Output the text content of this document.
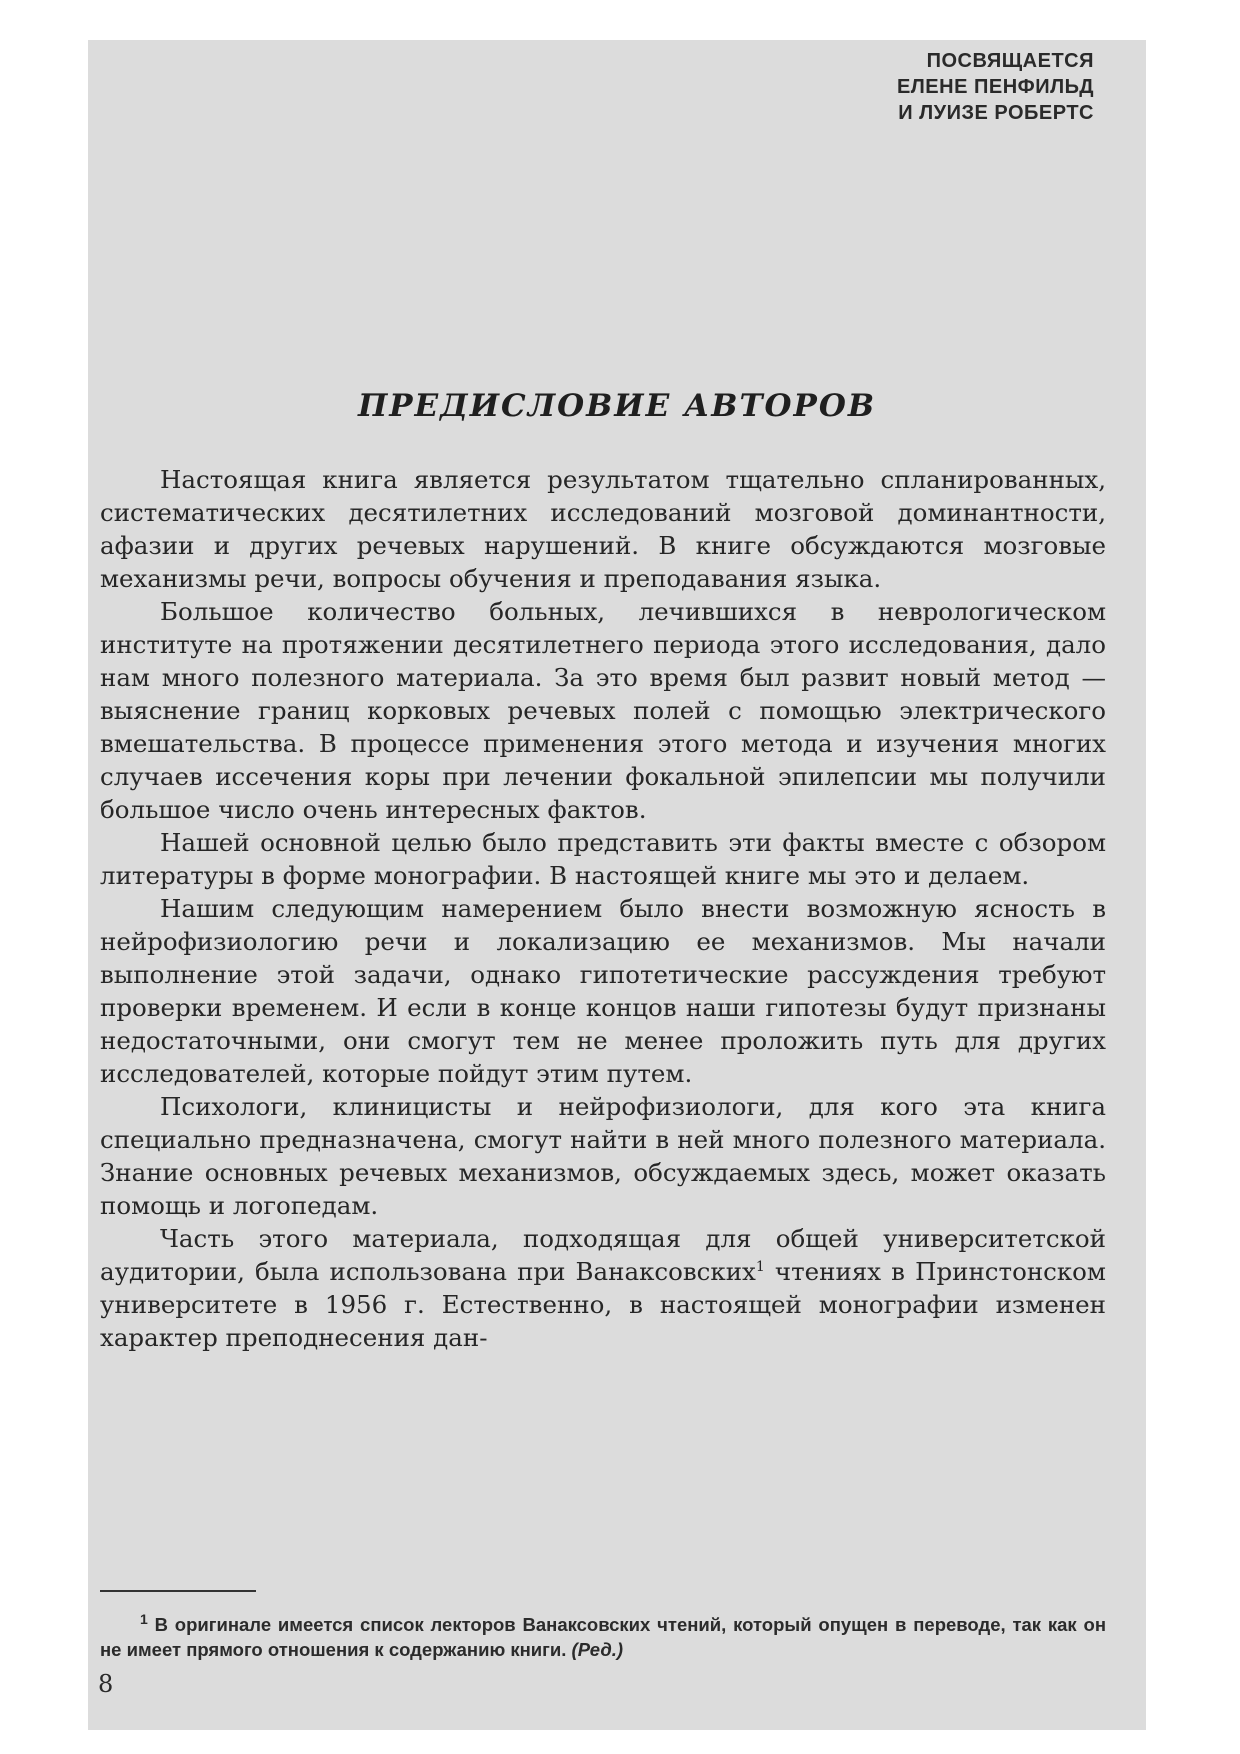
ПОСВЯЩАЕТСЯ
ЕЛЕНЕ ПЕНФИЛЬД
И ЛУИЗЕ РОБЕРТС
ПРЕДИСЛОВИЕ АВТОРОВ

Настоящая книга является результатом тщательно спланированных, систематических десятилетних исследований мозговой доминантности, афазии и других речевых нарушений. В книге обсуждаются мозговые механизмы речи, вопросы обучения и преподавания языка.

Большое количество больных, лечившихся в неврологическом институте на протяжении десятилетнего периода этого исследования, дало нам много полезного материала. За это время был развит новый метод — выяснение границ корковых речевых полей с помощью электрического вмешательства. В процессе применения этого метода и изучения многих случаев иссечения коры при лечении фокальной эпилепсии мы получили большое число очень интересных фактов.

Нашей основной целью было представить эти факты вместе с обзором литературы в форме монографии. В настоящей книге мы это и делаем.

Нашим следующим намерением было внести возможную ясность в нейрофизиологию речи и локализацию ее механизмов. Мы начали выполнение этой задачи, однако гипотетические рассуждения требуют проверки временем. И если в конце концов наши гипотезы будут признаны недостаточными, они смогут тем не менее проложить путь для других исследователей, которые пойдут этим путем.

Психологи, клиницисты и нейрофизиологи, для кого эта книга специально предназначена, смогут найти в ней много полезного материала. Знание основных речевых механизмов, обсуждаемых здесь, может оказать помощь и логопедам.

Часть этого материала, подходящая для общей университетской аудитории, была использована при Ванаксовских$^1$ чтениях в Принстонском университете в 1956 г. Естественно, в настоящей монографии изменен характер преподнесения дан-

$^1$ В оригинале имеется список лекторов Ванаксовских чтений, который опущен в переводе, так как он не имеет прямого отношения к содержанию книги. (Ред.)
8
